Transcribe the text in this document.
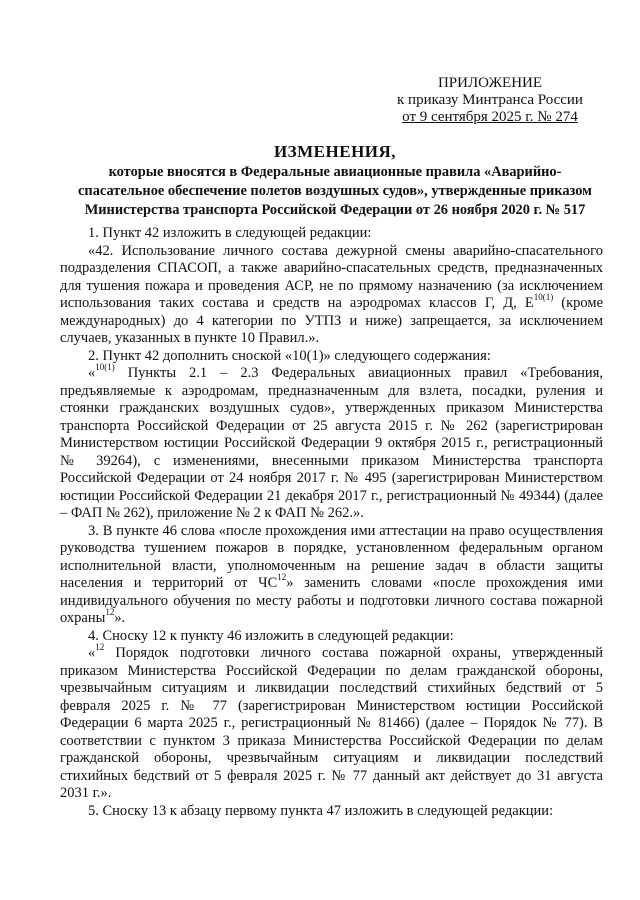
ПРИЛОЖЕНИЕ
к приказу Минтранса России
от 9 сентября 2025 г. № 274
ИЗМЕНЕНИЯ,
которые вносятся в Федеральные авиационные правила «Аварийно-
спасательное обеспечение полетов воздушных судов», утвержденные приказом
Министерства транспорта Российской Федерации от 26 ноября 2020 г. № 517

1. Пункт 42 изложить в следующей редакции:

«42. Использование личного состава дежурной смены аварийно-спасательного подразделения СПАСОП, а также аварийно-спасательных средств, предназначенных для тушения пожара и проведения АСР, не по прямому назначению (за исключением использования таких состава и средств на аэродромах классов Г, Д, $Е^{10(1)}$ (кроме международных) до 4 категории по УТПЗ и ниже) запрещается, за исключением случаев, указанных в пункте 10 Правил.».

2. Пункт 42 дополнить сноской «10(1)» следующего содержания:

«$^{10(1)}$ Пункты 2.1 – 2.3 Федеральных авиационных правил «Требования, предъявляемые к аэродромам, предназначенным для взлета, посадки, руления и стоянки гражданских воздушных судов», утвержденных приказом Министерства транспорта Российской Федерации от 25 августа 2015 г. № 262 (зарегистрирован Министерством юстиции Российской Федерации 9 октября 2015 г., регистрационный № 39264), с изменениями, внесенными приказом Министерства транспорта Российской Федерации от 24 ноября 2017 г. № 495 (зарегистрирован Министерством юстиции Российской Федерации 21 декабря 2017 г., регистрационный № 49344) (далее – ФАП № 262), приложение № 2 к ФАП № 262.».

3. В пункте 46 слова «после прохождения ими аттестации на право осуществления руководства тушением пожаров в порядке, установленном федеральным органом исполнительной власти, уполномоченным на решение задач в области защиты населения и территорий от ЧС$^{12}$» заменить словами «после прохождения ими индивидуального обучения по месту работы и подготовки личного состава пожарной охраны$^{12}$».

4. Сноску 12 к пункту 46 изложить в следующей редакции:

«$^{12}$ Порядок подготовки личного состава пожарной охраны, утвержденный приказом Министерства Российской Федерации по делам гражданской обороны, чрезвычайным ситуациям и ликвидации последствий стихийных бедствий от 5 февраля 2025 г. № 77 (зарегистрирован Министерством юстиции Российской Федерации 6 марта 2025 г., регистрационный № 81466) (далее – Порядок № 77). В соответствии с пунктом 3 приказа Министерства Российской Федерации по делам гражданской обороны, чрезвычайным ситуациям и ликвидации последствий стихийных бедствий от 5 февраля 2025 г. № 77 данный акт действует до 31 августа 2031 г.».

5. Сноску 13 к абзацу первому пункта 47 изложить в следующей редакции:
